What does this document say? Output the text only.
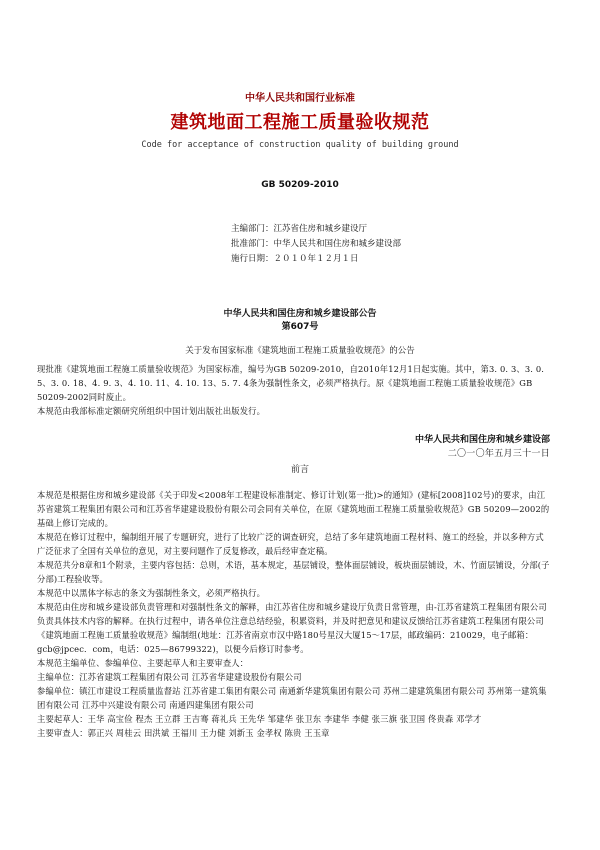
中华人民共和国行业标准
建筑地面工程施工质量验收规范
Code for acceptance of construction quality of building ground
GB 50209-2010
主编部门：江苏省住房和城乡建设厅
批准部门：中华人民共和国住房和城乡建设部
施行日期：２０１０年１２月１日
中华人民共和国住房和城乡建设部公告
第607号
关于发布国家标准《建筑地面工程施工质量验收规范》的公告
现批准《建筑地面工程施工质量验收规范》为国家标准，编号为GB 50209-2010，自2010年12月1日起实施。其中，第3. 0. 3、3. 0. 5、3. 0. 18、4. 9. 3、4. 10. 11、4. 10. 13、5. 7. 4条为强制性条文，必须严格执行。原《建筑地面工程施工质量验收规范》GB 50209-2002同时废止。
本规范由我部标准定额研究所组织中国计划出版社出版发行。
中华人民共和国住房和城乡建设部
二〇一〇年五月三十一日
前言
本规范是根据住房和城乡建设部《关于印发<2008年工程建设标准制定、修订计划(第一批)>的通知》(建标[2008]102号)的要求，由江苏省建筑工程集团有限公司和江苏省华建建设股份有限公司会同有关单位，在原《建筑地面工程施工质量验收规范》GB 50209—2002的基础上修订完成的。
本规范在修订过程中，编制组开展了专题研究，进行了比较广泛的调查研究，总结了多年建筑地面工程材料、施工的经验，并以多种方式广泛征求了全国有关单位的意见，对主要问题作了反复修改，最后经审查定稿。
本规范共分8章和1个附录，主要内容包括：总则，术语，基本规定，基层铺设，整体面层铺设，板块面层铺设，木、竹面层铺设，分部(子分部)工程验收等。
本规范中以黑体字标志的条文为强制性条文，必须严格执行。
本规范由住房和城乡建设部负责管理和对强制性条文的解释，由江苏省住房和城乡建设厅负责日常管理，由-江苏省建筑工程集团有限公司负责具体技术内容的解释。在执行过程中，请各单位注意总结经验，积累资料，并及时把意见和建议反馈给江苏省建筑工程集团有限公司《建筑地面工程施工质量验收规范》编制组(地址：江苏省南京市汉中路180号星汉大厦15～17层，邮政编码：210029，电子邮箱：gcb@jpcec．com，电话：025—86799322)，以便今后修订时参考。
本规范主编单位、参编单位、主要起草人和主要审查人：
主编单位：江苏省建筑工程集团有限公司 江苏省华建建设股份有限公司
参编单位：镇江市建设工程质量监督站 江苏省建工集团有限公司 南通新华建筑集团有限公司 苏州二建建筑集团有限公司 苏州第一建筑集团有限公司 江苏中兴建设有限公司 南通四建集团有限公司
主要起草人：王华 高宝俭 程杰 王立群 王吉骞 蒋礼兵 王先华 邹建华 张卫东 李建华 李健 张三旗 张卫国 佟贵森 邓学才
主要审查人：郭正兴 周桂云 田洪斌 王福川 王力健 刘新玉 金孝权 陈贵 王玉章
